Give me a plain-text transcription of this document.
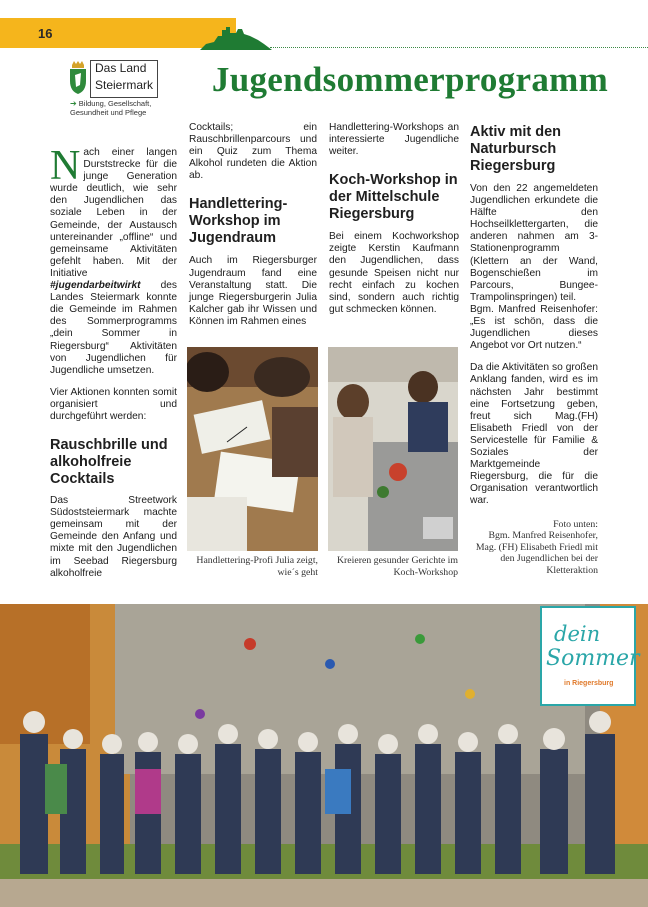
16
Das Land
Steiermark
➔ Bildung, Gesellschaft, Gesundheit und Pflege
Jugendsommerprogramm

Nach einer langen Durststrecke für die junge Generation wurde deutlich, wie sehr den Jugendlichen das soziale Leben in der Gemeinde, der Austausch untereinander „offline“ und gemeinsame Aktivitäten gefehlt haben. Mit der Initiative #jugendarbeitwirkt des Landes Steiermark konnte die Gemeinde im Rahmen des Sommerprogramms „dein Sommer in Riegersburg“ Aktivitäten von Jugendlichen für Jugendliche umsetzen.

Vier Aktionen konnten somit organisiert und durchgeführt werden:

Rauschbrille und alkoholfreie Cocktails

Das Streetwork Südoststeiermark machte gemeinsam mit der Gemeinde den Anfang und mixte mit den Jugendlichen im Seebad Riegersburg alkoholfreie

Cocktails; ein Rauschbrillenparcours und ein Quiz zum Thema Alkohol rundeten die Aktion ab.

Handlettering-Workshop im Jugendraum

Auch im Riegersburger Jugendraum fand eine Veranstaltung statt. Die junge Riegersburgerin Julia Kalcher gab ihr Wissen und Können im Rahmen eines

Handlettering-Profi Julia zeigt, wie´s geht

Handlettering-Workshops an interessierte Jugendliche weiter.

Koch-Workshop in der Mittelschule Riegersburg

Bei einem Kochworkshop zeigte Kerstin Kaufmann den Jugendlichen, dass gesunde Speisen nicht nur recht einfach zu kochen sind, sondern auch richtig gut schmecken können.

Kreieren gesunder Gerichte im Koch-Workshop
Aktiv mit den Naturbursch Riegersburg

Von den 22 angemeldeten Jugendlichen erkundete die Hälfte den Hochseilklettergarten, die anderen nahmen am 3-Stationenprogramm (Klettern an der Wand, Bogenschießen im Parcours, Bungee-Trampolinspringen) teil.

Bgm. Manfred Reisenhofer: „Es ist schön, dass die Jugendlichen dieses Angebot vor Ort nutzen.“

Da die Aktivitäten so großen Anklang fanden, wird es im nächsten Jahr bestimmt eine Fortsetzung geben, freut sich Mag.(FH) Elisabeth Friedl von der Servicestelle für Familie & Soziales der Marktgemeinde Riegersburg, die für die Organisation verantwortlich war.

Foto unten:
Bgm. Manfred Reisenhofer, Mag. (FH) Elisabeth Friedl mit den Jugendlichen bei der Kletteraktion
dein
Sommer
in Riegersburg
